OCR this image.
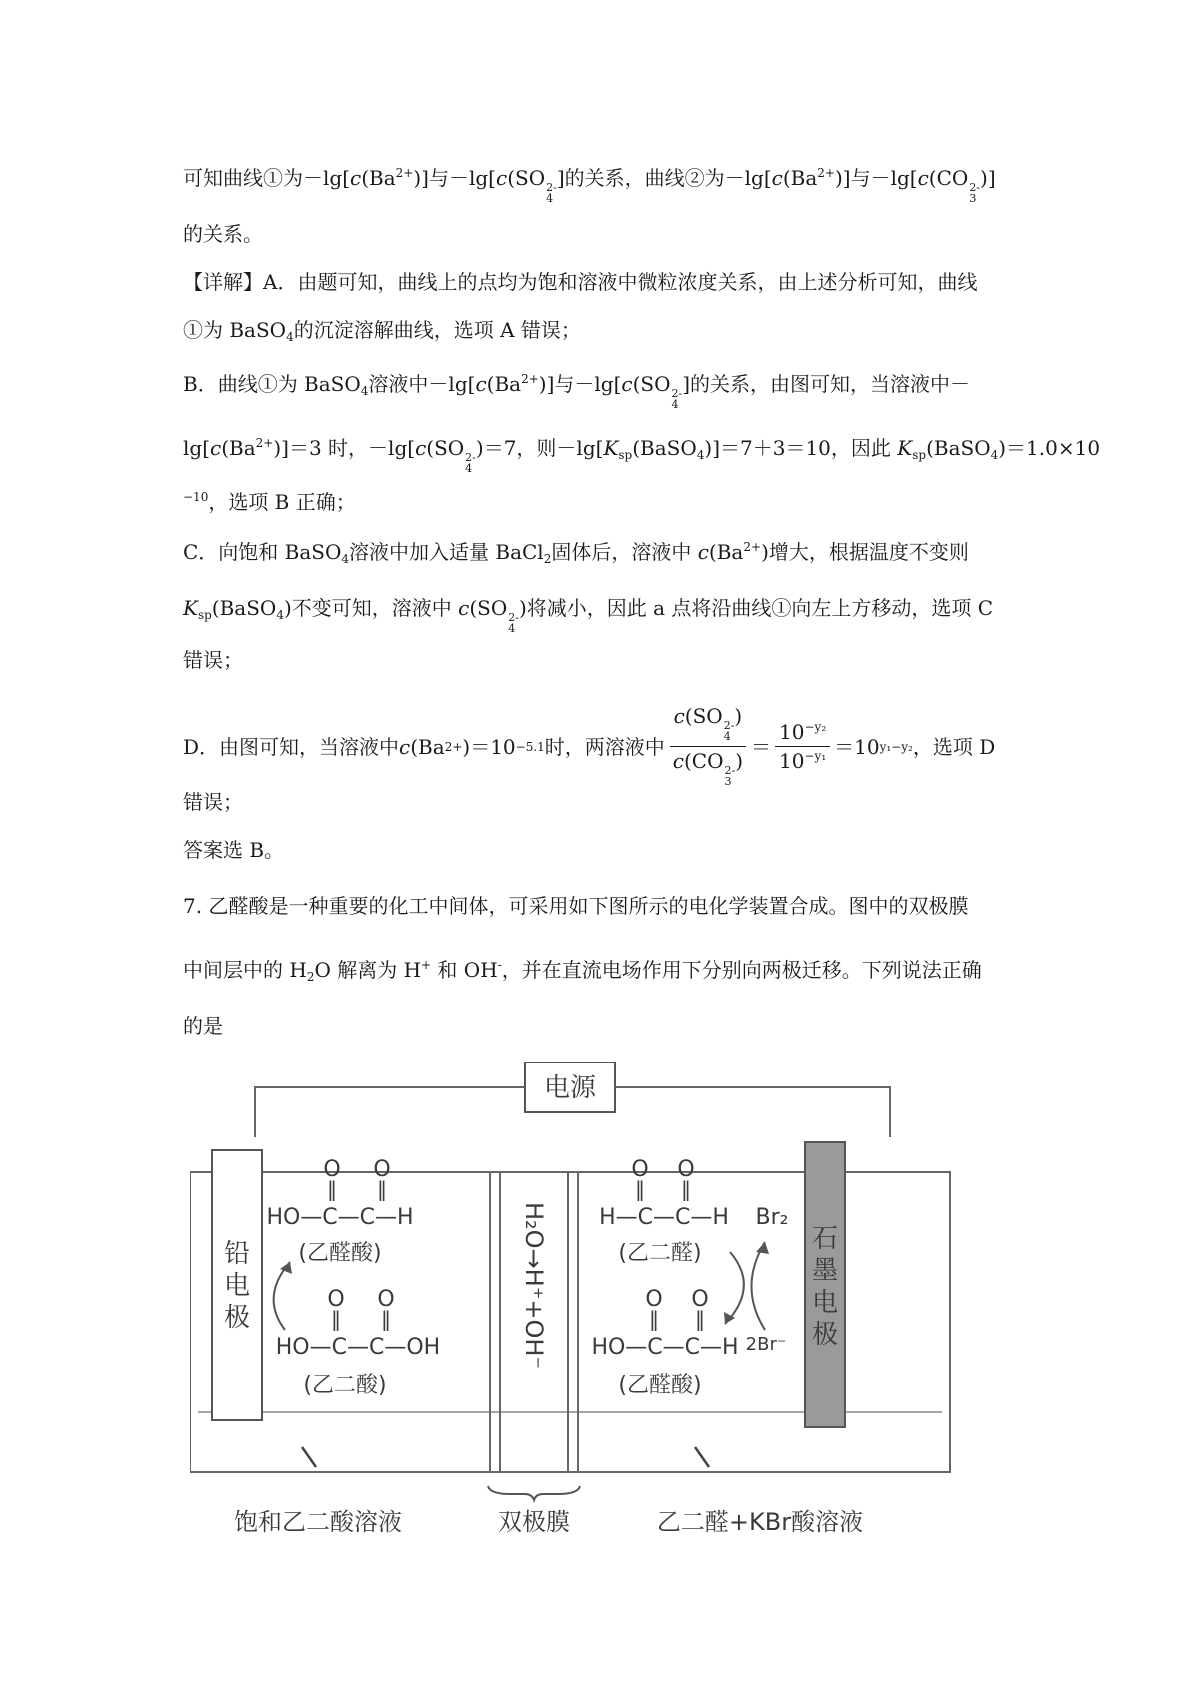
可知曲线①为$-\lg[c(Ba^{2+})]$与－lg[c(SO 2-
4
]的关系，曲线②为$-\lg[c(Ba^{2+})]$与－lg[c(CO 2-
3
)]
的关系。
【详解】A．由题可知，曲线上的点均为饱和溶液中微粒浓度关系，由上述分析可知，曲线
①为 BaSO$_4$的沉淀溶解曲线，选项 A 错误；
B．曲线①为 BaSO$_4$溶液中$-\lg[c(Ba^{2+})]$与－lg[c(SO 2-
4
]的关系，由图可知，当溶液中－
$\lg[c(Ba^{2+})]=3$ 时，－lg[c(SO 2-
4
)＝7，则$-\lg[K_{sp}(BaSO_4)]=7+3=10$，因此 $K_{sp}(BaSO_4)=1.0\times 10$
$^{-10}$，选项 B 正确；
C．向饱和 BaSO$_4$溶液中加入适量 BaCl$_2$固体后，溶液中 $c(Ba^{2+})$增大，根据温度不变则
$K_{sp}(BaSO_4)$不变可知，溶液中 c(SO 2-
4
)将减小，因此 a 点将沿曲线①向左上方移动，选项 C
错误；
D．由图可知，当溶液中 c (Ba 2+ ) ＝10 −5.1 时，两溶液中 c(SO 2-
4
)
c(CO 2-
3
) ＝ $\frac{10^{-y_2}}{10^{-y_1}} =10$ y₁−y₂ ，选项 D
错误；
答案选 B。
7. 乙醛酸是一种重要的化工中间体，可采用如下图所示的电化学装置合成。图中的双极膜
中间层中的 $H_2O$ 解离为 H+ 和 OH-，并在直流电场作用下分别向两极迁移。下列说法正确
的是
电源
铅
电
极
石
墨
电
极
H₂O→H⁺+OH⁻
O
‖
O
‖
HO—C—C—H
(乙醛酸)
O
‖
O
‖
HO—C—C—OH
(乙二酸)
O
‖
O
‖
H—C—C—H
(乙二醛)
Br₂
2Br⁻
O
‖
O
‖
HO—C—C—H
(乙醛酸)
饱和乙二酸溶液	双极膜	乙二醛+KBr酸溶液
